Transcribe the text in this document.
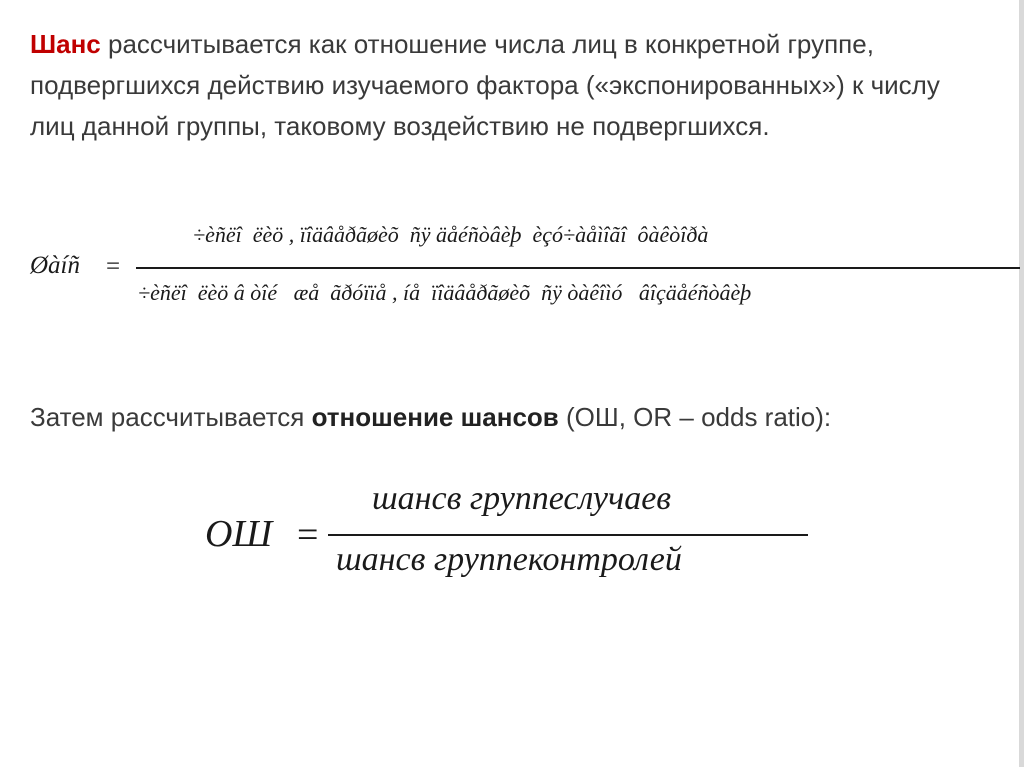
Шанс рассчитывается как отношение числа лиц в конкретной группе, подвергшихся действию изучаемого фактора («экспонированных») к числу лиц данной группы, таковому воздействию не подвергшихся.
Øàíñ =
÷èñëî  ëèö , ïîäâåðãøèõ  ñÿ äåéñòâèþ  èçó÷àåìîãî  ôàêòîðà
÷èñëî  ëèö â òîé   æå  ãðóïïå , íå  ïîäâåðãøèõ  ñÿ òàêîìó   âîçäåéñòâèþ
Затем рассчитывается отношение шансов (ОШ, OR – odds ratio):
ОШ =
шансв группеслучаев
шансв группеконтролей
